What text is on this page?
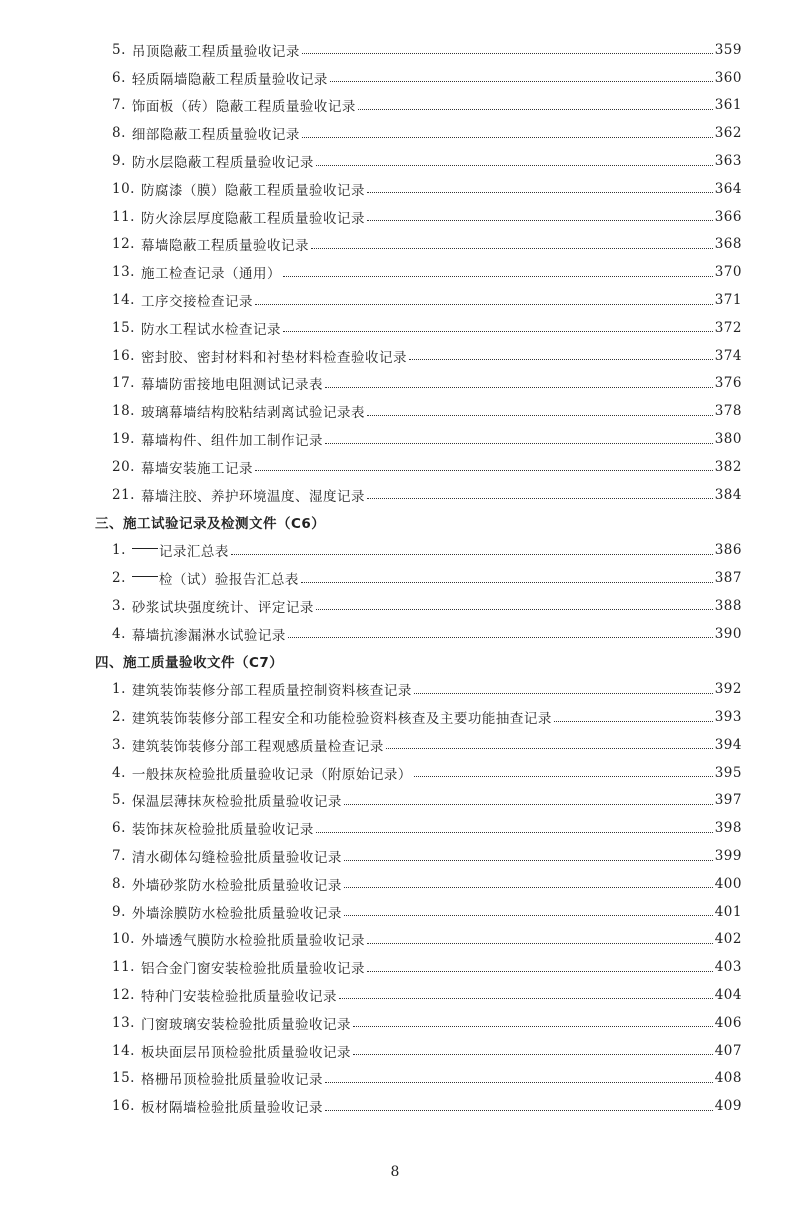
5. 吊顶隐蔽工程质量验收记录	359
6. 轻质隔墙隐蔽工程质量验收记录	360
7. 饰面板（砖）隐蔽工程质量验收记录	361
8. 细部隐蔽工程质量验收记录	362
9. 防水层隐蔽工程质量验收记录	363
10. 防腐漆（膜）隐蔽工程质量验收记录	364
11. 防火涂层厚度隐蔽工程质量验收记录	366
12. 幕墙隐蔽工程质量验收记录	368
13. 施工检查记录（通用）	370
14. 工序交接检查记录	371
15. 防水工程试水检查记录	372
16. 密封胶、密封材料和衬垫材料检查验收记录	374
17. 幕墙防雷接地电阻测试记录表	376
18. 玻璃幕墙结构胶粘结剥离试验记录表	378
19. 幕墙构件、组件加工制作记录	380
20. 幕墙安装施工记录	382
21. 幕墙注胶、养护环境温度、湿度记录	384
三、施工试验记录及检测文件（C6）
1. 记录汇总表	386
2. 检（试）验报告汇总表	387
3. 砂浆试块强度统计、评定记录	388
4. 幕墙抗渗漏淋水试验记录	390
四、施工质量验收文件（C7）
1. 建筑装饰装修分部工程质量控制资料核查记录	392
2. 建筑装饰装修分部工程安全和功能检验资料核查及主要功能抽查记录	393
3. 建筑装饰装修分部工程观感质量检查记录	394
4. 一般抹灰检验批质量验收记录（附原始记录）	395
5. 保温层薄抹灰检验批质量验收记录	397
6. 装饰抹灰检验批质量验收记录	398
7. 清水砌体勾缝检验批质量验收记录	399
8. 外墙砂浆防水检验批质量验收记录	400
9. 外墙涂膜防水检验批质量验收记录	401
10. 外墙透气膜防水检验批质量验收记录	402
11. 铝合金门窗安装检验批质量验收记录	403
12. 特种门安装检验批质量验收记录	404
13. 门窗玻璃安装检验批质量验收记录	406
14. 板块面层吊顶检验批质量验收记录	407
15. 格栅吊顶检验批质量验收记录	408
16. 板材隔墙检验批质量验收记录	409
8
